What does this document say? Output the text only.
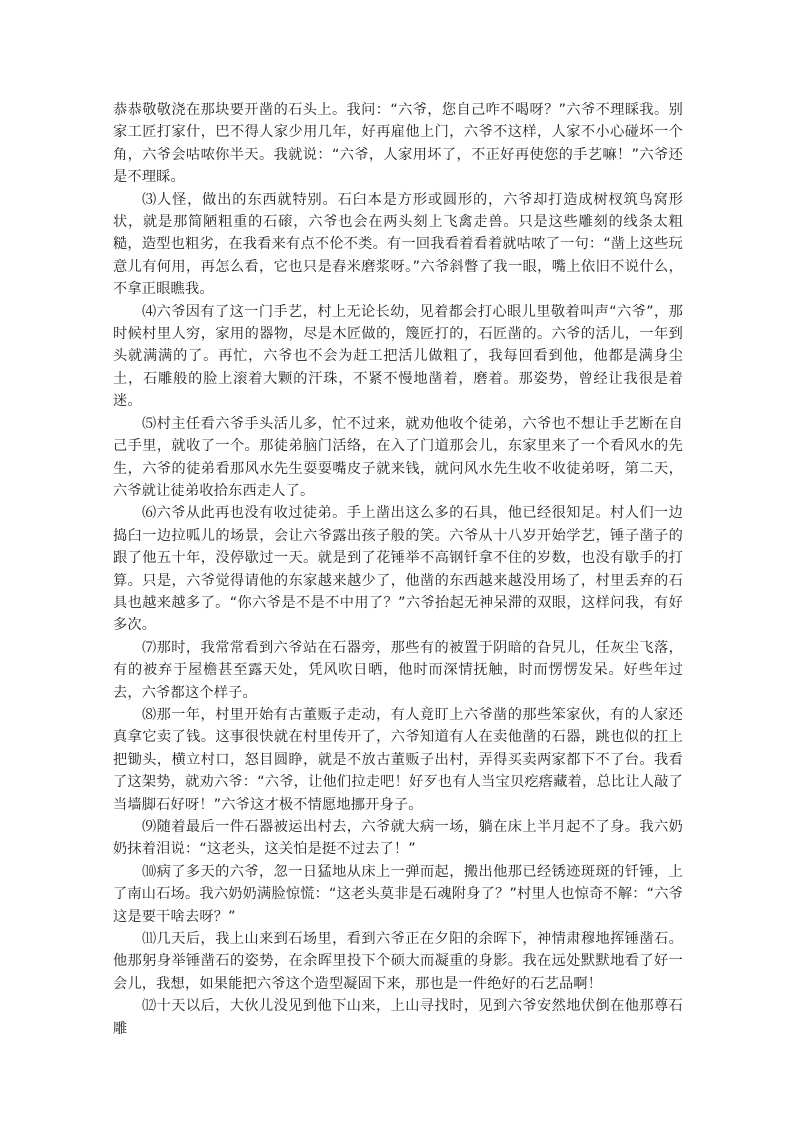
恭恭敬敬浇在那块要开凿的石头上。我问：“六爷，您自己咋不喝呀？”六爷不理睬我。别家工匠打家什，巴不得人家少用几年，好再雇他上门，六爷不这样，人家不小心碰坏一个角，六爷会咕哝你半天。我就说：“六爷，人家用坏了，不正好再使您的手艺嘛！”六爷还是不理睬。

⑶人怪，做出的东西就特别。石臼本是方形或圆形的，六爷却打造成树杈筑鸟窝形状，就是那简陋粗重的石磙，六爷也会在两头刻上飞禽走兽。只是这些雕刻的线条太粗糙，造型也粗劣，在我看来有点不伦不类。有一回我看着看着就咕哝了一句：“凿上这些玩意儿有何用，再怎么看，它也只是舂米磨浆呀。”六爷斜瞥了我一眼，嘴上依旧不说什么，不拿正眼瞧我。

⑷六爷因有了这一门手艺，村上无论长幼，见着都会打心眼儿里敬着叫声“六爷”，那时候村里人穷，家用的器物，尽是木匠做的，篾匠打的，石匠凿的。六爷的活儿，一年到头就满满的了。再忙，六爷也不会为赶工把活儿做粗了，我每回看到他，他都是满身尘土，石雕般的脸上滚着大颗的汗珠，不紧不慢地凿着，磨着。那姿势，曾经让我很是着迷。

⑸村主任看六爷手头活儿多，忙不过来，就劝他收个徒弟，六爷也不想让手艺断在自己手里，就收了一个。那徒弟脑门活络，在入了门道那会儿，东家里来了一个看风水的先生，六爷的徒弟看那风水先生耍耍嘴皮子就来钱，就问风水先生收不收徒弟呀，第二天，六爷就让徒弟收拾东西走人了。

⑹六爷从此再也没有收过徒弟。手上凿出这么多的石具，他已经很知足。村人们一边捣臼一边拉呱儿的场景，会让六爷露出孩子般的笑。六爷从十八岁开始学艺，锤子凿子的跟了他五十年，没停歇过一天。就是到了花锤举不高钢钎拿不住的岁数，也没有歇手的打算。只是，六爷觉得请他的东家越来越少了，他凿的东西越来越没用场了，村里丢弃的石具也越来越多了。“你六爷是不是不中用了？”六爷抬起无神呆滞的双眼，这样问我，有好多次。

⑺那时，我常常看到六爷站在石器旁，那些有的被置于阴暗的旮旯儿，任灰尘飞落，有的被弃于屋檐甚至露天处，凭风吹日晒，他时而深情抚触，时而愣愣发呆。好些年过去，六爷都这个样子。

⑻那一年，村里开始有古董贩子走动，有人竟盯上六爷凿的那些笨家伙，有的人家还真拿它卖了钱。这事很快就在村里传开了，六爷知道有人在卖他凿的石器，跳也似的扛上把锄头，横立村口，怒目圆睁，就是不放古董贩子出村，弄得买卖两家都下不了台。我看了这架势，就劝六爷：“六爷，让他们拉走吧！好歹也有人当宝贝疙瘩藏着，总比让人敲了当墙脚石好呀！”六爷这才极不情愿地挪开身子。

⑼随着最后一件石器被运出村去，六爷就大病一场，躺在床上半月起不了身。我六奶奶抹着泪说：“这老头，这关怕是挺不过去了！”

⑽病了多天的六爷，忽一日猛地从床上一弹而起，搬出他那已经锈迹斑斑的钎锤，上了南山石场。我六奶奶满脸惊慌：“这老头莫非是石魂附身了？”村里人也惊奇不解：“六爷这是要干啥去呀？”

⑾几天后，我上山来到石场里，看到六爷正在夕阳的余晖下，神情肃穆地挥锤凿石。他那躬身举锤凿石的姿势，在余晖里投下个硕大而凝重的身影。我在远处默默地看了好一会儿，我想，如果能把六爷这个造型凝固下来，那也是一件绝好的石艺品啊！

⑿十天以后，大伙儿没见到他下山来，上山寻找时，见到六爷安然地伏倒在他那尊石雕
